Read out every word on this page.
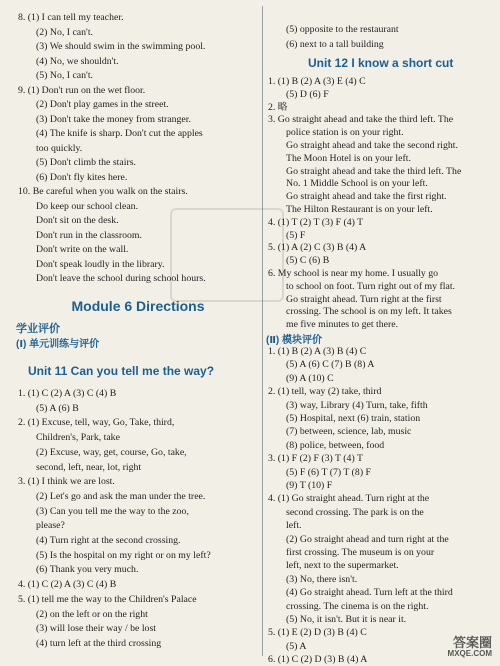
8. (1) I can tell my teacher.
(2) No, I can't.
(3) We should swim in the swimming pool.
(4) No, we shouldn't.
(5) No, I can't.
9. (1) Don't run on the wet floor.
(2) Don't play games in the street.
(3) Don't take the money from stranger.
(4) The knife is sharp. Don't cut the apples
too quickly.
(5) Don't climb the stairs.
(6) Don't fly kites here.
10. Be careful when you walk on the stairs.
Do keep our school clean.
Don't sit on the desk.
Don't run in the classroom.
Don't write on the wall.
Don't speak loudly in the library.
Don't leave the school during school hours.
Module 6 Directions
学业评价
(Ⅰ) 单元训练与评价
Unit 11 Can you tell me the way?
1. (1) C (2) A (3) C (4) B
(5) A (6) B
2. (1) Excuse, tell, way, Go, Take, third,
Children's, Park, take
(2) Excuse, way, get, course, Go, take,
second, left, near, lot, right
3. (1) I think we are lost.
(2) Let's go and ask the man under the tree.
(3) Can you tell me the way to the zoo,
please?
(4) Turn right at the second crossing.
(5) Is the hospital on my right or on my left?
(6) Thank you very much.
4. (1) C (2) A (3) C (4) B
5. (1) tell me the way to the Children's Palace
(2) on the left or on the right
(3) will lose their way / be lost
(4) turn left at the third crossing
(5) opposite to the restaurant
(6) next to a tall building
Unit 12 I know a short cut
1. (1) B (2) A (3) E (4) C
(5) D (6) F
2. 略
3. Go straight ahead and take the third left. The
police station is on your right.
Go straight ahead and take the second right.
The Moon Hotel is on your left.
Go straight ahead and take the third left. The
No. 1 Middle School is on your left.
Go straight ahead and take the first right.
The Hilton Restaurant is on your left.
4. (1) T (2) T (3) F (4) T
(5) F
5. (1) A (2) C (3) B (4) A
(5) C (6) B
6. My school is near my home. I usually go
to school on foot. Turn right out of my flat.
Go straight ahead. Turn right at the first
crossing. The school is on my left. It takes
me five minutes to get there.
(Ⅱ) 模块评价
1. (1) B (2) A (3) B (4) C
(5) A (6) C (7) B (8) A
(9) A (10) C
2. (1) tell, way (2) take, third
(3) way, Library (4) Turn, take, fifth
(5) Hospital, next (6) train, station
(7) between, science, lab, music
(8) police, between, food
3. (1) F (2) F (3) T (4) T
(5) F (6) T (7) T (8) F
(9) T (10) F
4. (1) Go straight ahead. Turn right at the
second crossing. The park is on the
left.
(2) Go straight ahead and turn right at the
first crossing. The museum is on your
left, next to the supermarket.
(3) No, there isn't.
(4) Go straight ahead. Turn left at the third
crossing. The cinema is on the right.
(5) No, it isn't. But it is near it.
5. (1) E (2) D (3) B (4) C
(5) A
6. (1) C (2) D (3) B (4) A
答案圈
MXQE.COM
